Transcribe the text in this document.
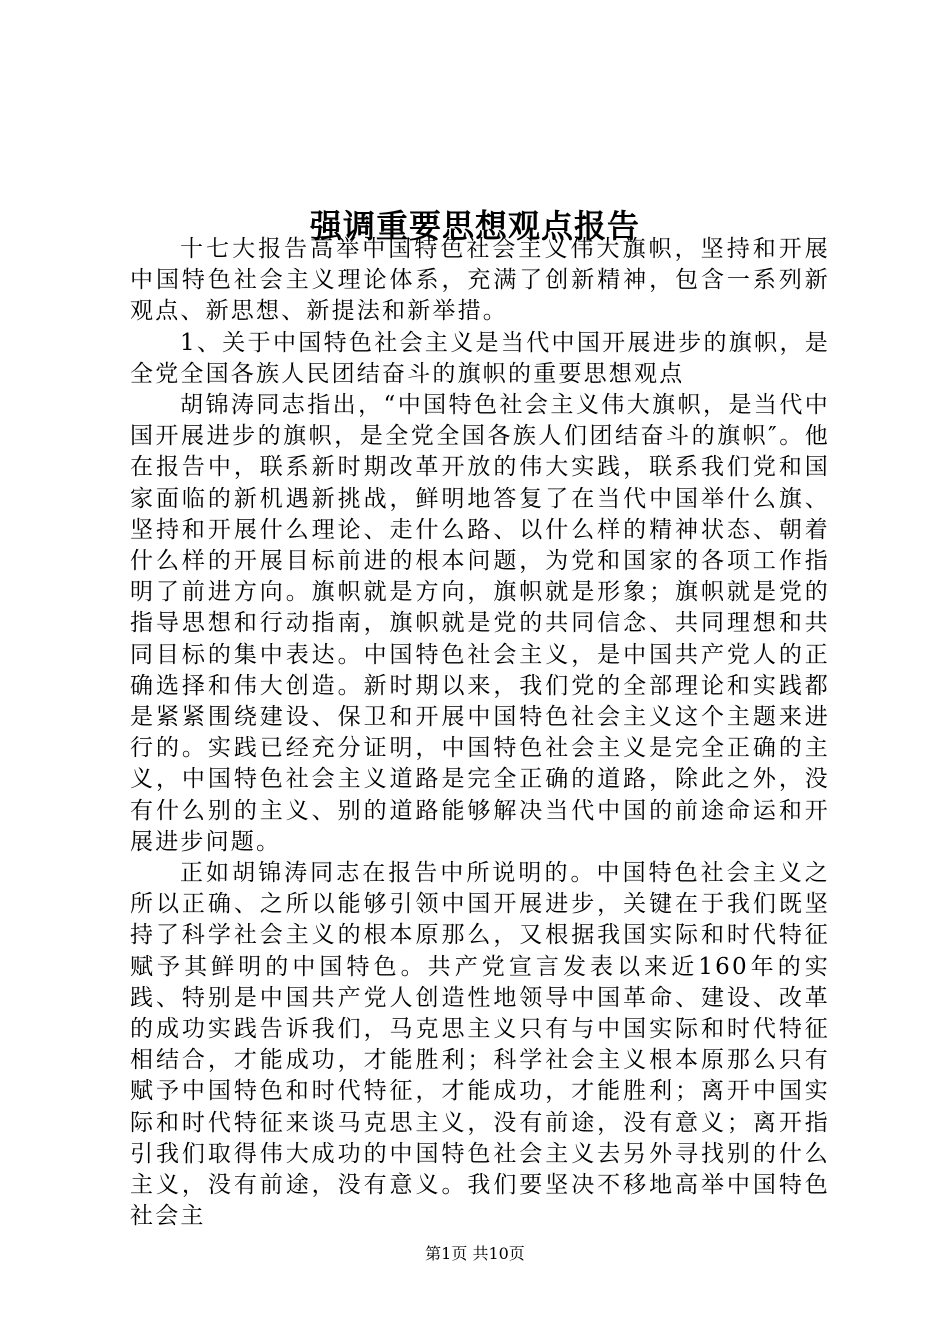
强调重要思想观点报告

十七大报告高举中国特色社会主义伟大旗帜，坚持和开展中国特色社会主义理论体系，充满了创新精神，包含一系列新观点、新思想、新提法和新举措。

1、关于中国特色社会主义是当代中国开展进步的旗帜，是全党全国各族人民团结奋斗的旗帜的重要思想观点

胡锦涛同志指出，“中国特色社会主义伟大旗帜，是当代中国开展进步的旗帜，是全党全国各族人们团结奋斗的旗帜″。他在报告中，联系新时期改革开放的伟大实践，联系我们党和国家面临的新机遇新挑战，鲜明地答复了在当代中国举什么旗、坚持和开展什么理论、走什么路、以什么样的精神状态、朝着什么样的开展目标前进的根本问题，为党和国家的各项工作指明了前进方向。旗帜就是方向，旗帜就是形象；旗帜就是党的指导思想和行动指南，旗帜就是党的共同信念、共同理想和共同目标的集中表达。中国特色社会主义，是中国共产党人的正确选择和伟大创造。新时期以来，我们党的全部理论和实践都是紧紧围绕建设、保卫和开展中国特色社会主义这个主题来进行的。实践已经充分证明，中国特色社会主义是完全正确的主义，中国特色社会主义道路是完全正确的道路，除此之外，没有什么别的主义、别的道路能够解决当代中国的前途命运和开展进步问题。

正如胡锦涛同志在报告中所说明的。中国特色社会主义之所以正确、之所以能够引领中国开展进步，关键在于我们既坚持了科学社会主义的根本原那么，又根据我国实际和时代特征赋予其鲜明的中国特色。共产党宣言发表以来近160年的实践、特别是中国共产党人创造性地领导中国革命、建设、改革的成功实践告诉我们，马克思主义只有与中国实际和时代特征相结合，才能成功，才能胜利；科学社会主义根本原那么只有赋予中国特色和时代特征，才能成功，才能胜利；离开中国实际和时代特征来谈马克思主义，没有前途，没有意义；离开指引我们取得伟大成功的中国特色社会主义去另外寻找别的什么主义，没有前途，没有意义。我们要坚决不移地高举中国特色社会主

第1页 共10页
